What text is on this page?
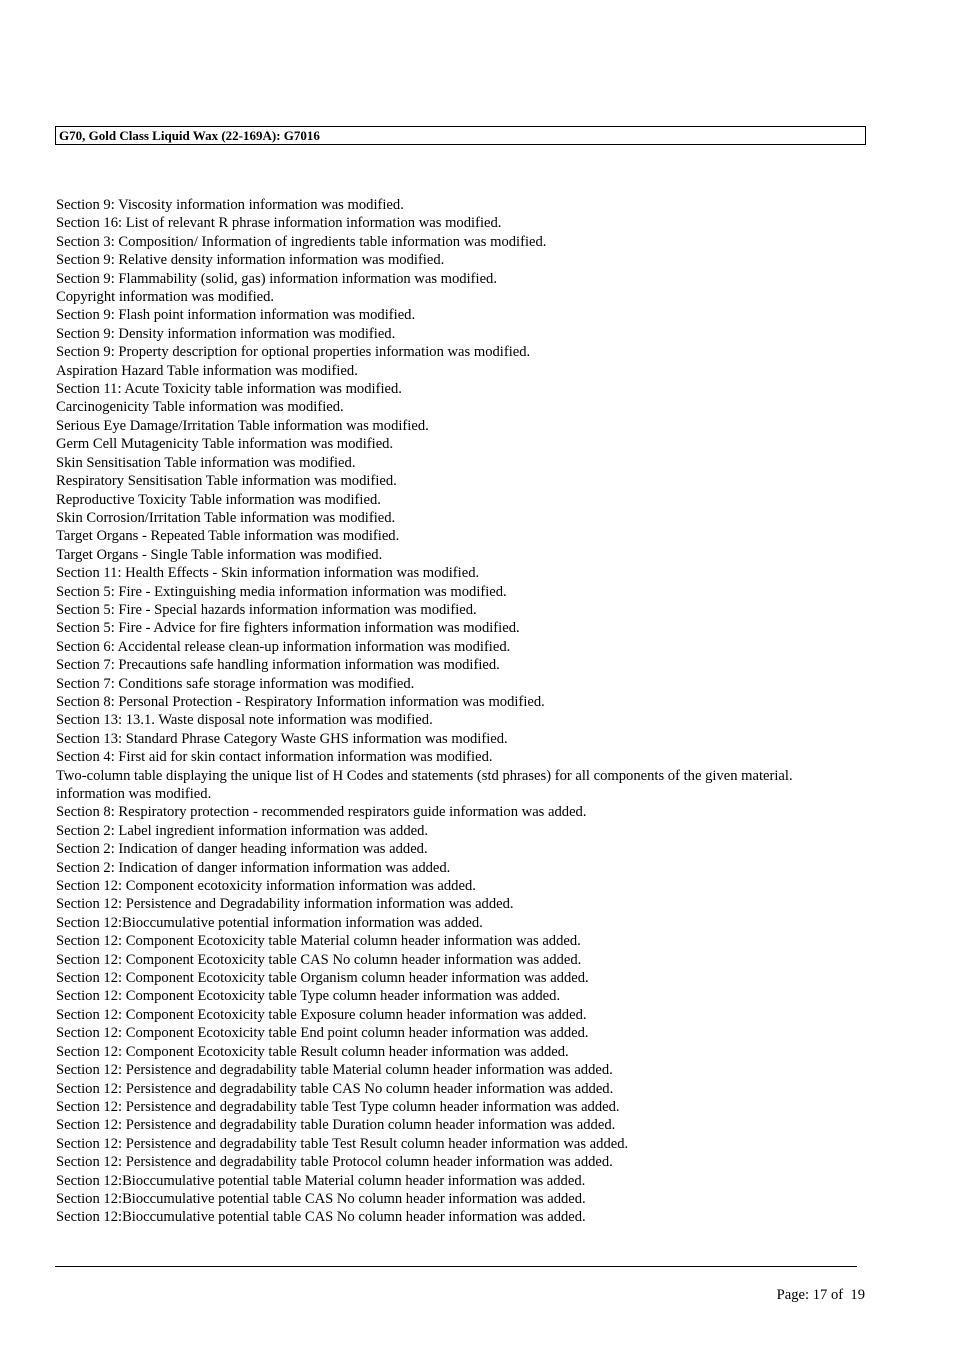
G70, Gold Class Liquid Wax (22-169A): G7016
Section 9: Viscosity information information was modified.
Section 16: List of relevant R phrase information information was modified.
Section 3: Composition/ Information of ingredients table information was modified.
Section 9: Relative density information information was modified.
Section 9: Flammability (solid, gas) information information was modified.
Copyright information was modified.
Section 9: Flash point information information was modified.
Section 9: Density information information was modified.
Section 9: Property description for optional properties information was modified.
Aspiration Hazard Table information was modified.
Section 11: Acute Toxicity table information was modified.
Carcinogenicity Table information was modified.
Serious Eye Damage/Irritation Table information was modified.
Germ Cell Mutagenicity Table information was modified.
Skin Sensitisation Table information was modified.
Respiratory Sensitisation Table information was modified.
Reproductive Toxicity Table information was modified.
Skin Corrosion/Irritation Table information was modified.
Target Organs - Repeated Table information was modified.
Target Organs - Single Table information was modified.
Section 11: Health Effects - Skin information information was modified.
Section 5: Fire - Extinguishing media information information was modified.
Section 5: Fire - Special hazards information information was modified.
Section 5: Fire - Advice for fire fighters information information was modified.
Section 6: Accidental release clean-up information information was modified.
Section 7: Precautions safe handling information information was modified.
Section 7: Conditions safe storage information was modified.
Section 8: Personal Protection - Respiratory Information information was modified.
Section 13: 13.1. Waste disposal note information was modified.
Section 13: Standard Phrase Category Waste GHS information was modified.
Section 4: First aid for skin contact information information was modified.
Two-column table displaying the unique list of H Codes and statements (std phrases) for all components of the given material. information was modified.
Section 8: Respiratory protection - recommended respirators guide information was added.
Section 2: Label ingredient information information was added.
Section 2: Indication of danger heading information was added.
Section 2: Indication of danger information information was added.
Section 12: Component ecotoxicity information information was added.
Section 12: Persistence and Degradability information information was added.
Section 12:Bioccumulative potential information information was added.
Section 12: Component Ecotoxicity table Material column header information was added.
Section 12: Component Ecotoxicity table CAS No column header information was added.
Section 12: Component Ecotoxicity table Organism column header information was added.
Section 12: Component Ecotoxicity table Type column header information was added.
Section 12: Component Ecotoxicity table Exposure column header information was added.
Section 12: Component Ecotoxicity table End point column header information was added.
Section 12: Component Ecotoxicity table Result column header information was added.
Section 12: Persistence and degradability table Material column header information was added.
Section 12: Persistence and degradability table CAS No column header information was added.
Section 12: Persistence and degradability table Test Type column header information was added.
Section 12: Persistence and degradability table Duration column header information was added.
Section 12: Persistence and degradability table Test Result column header information was added.
Section 12: Persistence and degradability table Protocol column header information was added.
Section 12:Bioccumulative potential table Material column header information was added.
Section 12:Bioccumulative potential table CAS No column header information was added.
Section 12:Bioccumulative potential table CAS No column header information was added.
Page: 17 of  19
